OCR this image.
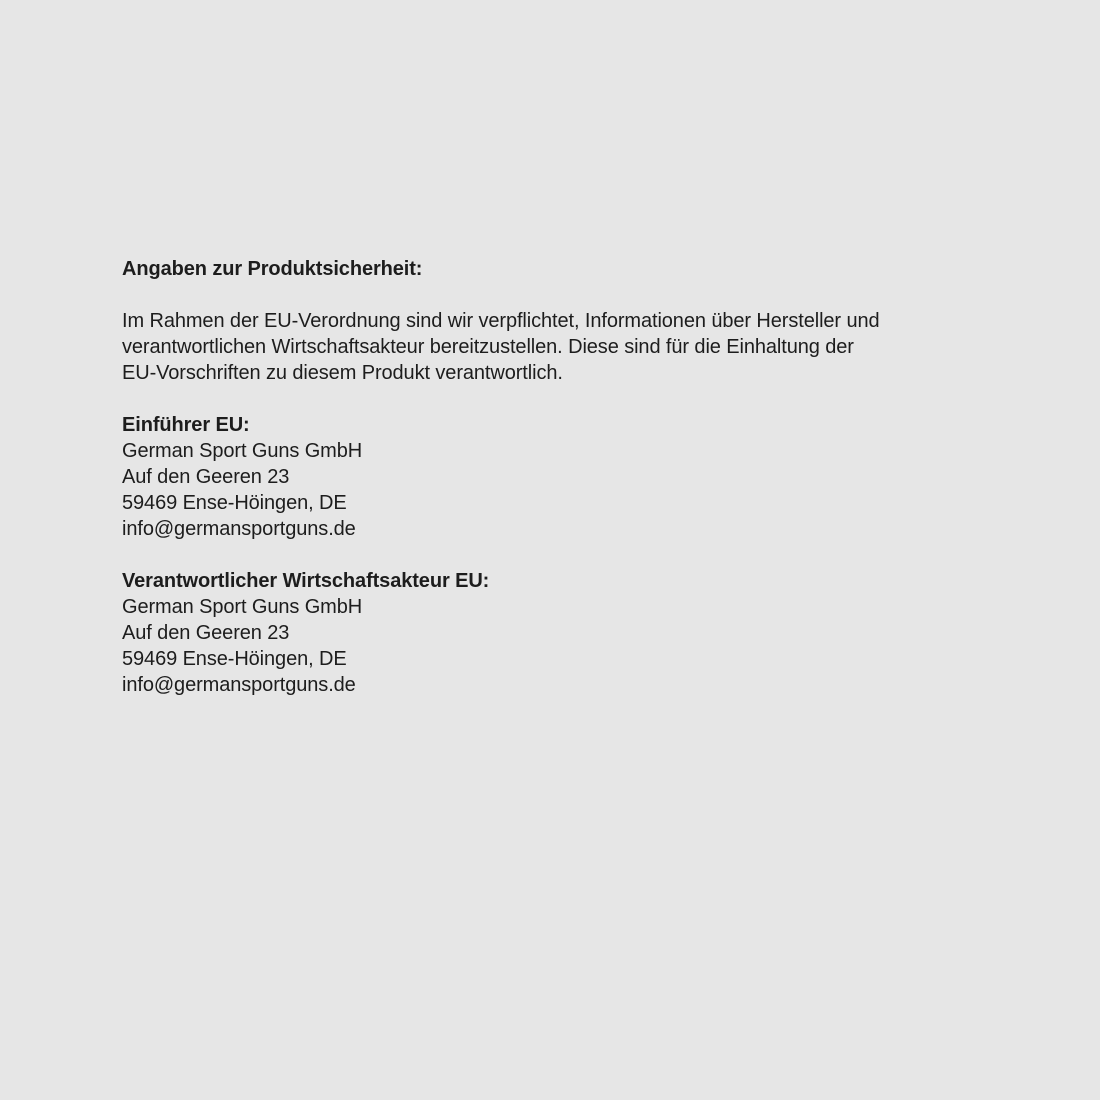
Angaben zur Produktsicherheit:
Im Rahmen der EU-Verordnung sind wir verpflichtet, Informationen über Hersteller und
verantwortlichen Wirtschaftsakteur bereitzustellen. Diese sind für die Einhaltung der
EU-Vorschriften zu diesem Produkt verantwortlich.
Einführer EU:
German Sport Guns GmbH
Auf den Geeren 23
59469 Ense-Höingen, DE
info@germansportguns.de
Verantwortlicher Wirtschaftsakteur EU:
German Sport Guns GmbH
Auf den Geeren 23
59469 Ense-Höingen, DE
info@germansportguns.de
